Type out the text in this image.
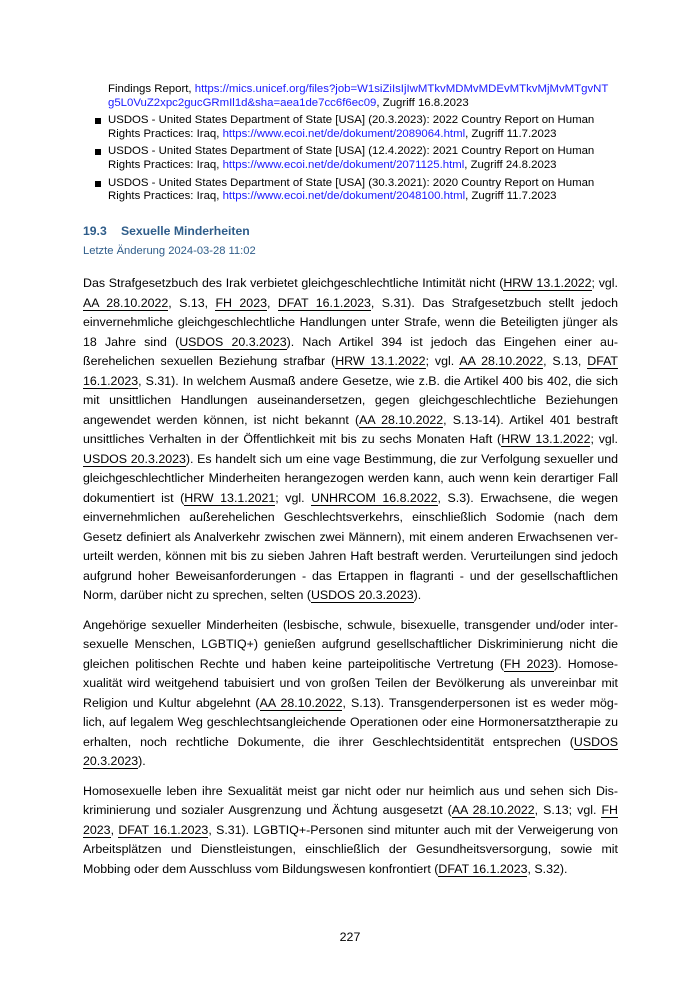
Findings Report, https://mics.unicef.org/files?job=W1siZiIsIjIwMTkvMDMvMDEvMTkvMjMvMTgvNT
g5L0VuZ2xpc2gucGRmIl1d&sha=aea1de7cc6f6ec09, Zugriff 16.8.2023
USDOS - United States Department of State [USA] (20.3.2023): 2022 Country Report on Human Rights Practices: Iraq, https://www.ecoi.net/de/dokument/2089064.html, Zugriff 11.7.2023
USDOS - United States Department of State [USA] (12.4.2022): 2021 Country Report on Human Rights Practices: Iraq, https://www.ecoi.net/de/dokument/2071125.html, Zugriff 24.8.2023
USDOS - United States Department of State [USA] (30.3.2021): 2020 Country Report on Human Rights Practices: Iraq, https://www.ecoi.net/de/dokument/2048100.html, Zugriff 11.7.2023
19.3 Sexuelle Minderheiten
Letzte Änderung 2024-03-28 11:02

Das Strafgesetzbuch des Irak verbietet gleichgeschlechtliche Intimität nicht (HRW 13.1.2022; vgl. AA 28.10.2022, S.13, FH 2023, DFAT 16.1.2023, S.31). Das Strafgesetzbuch stellt jedoch einvernehmliche gleichgeschlechtliche Handlungen unter Strafe, wenn die Beteiligten jünger als 18 Jahre sind (USDOS 20.3.2023). Nach Artikel 394 ist jedoch das Eingehen einer außerehelichen sexuellen Beziehung strafbar (HRW 13.1.2022; vgl. AA 28.10.2022, S.13, DFAT 16.1.2023, S.31). In welchem Ausmaß andere Gesetze, wie z.B. die Artikel 400 bis 402, die sich mit unsittlichen Handlungen auseinandersetzen, gegen gleichgeschlechtliche Beziehungen angewendet werden können, ist nicht bekannt (AA 28.10.2022, S.13-14). Artikel 401 bestraft unsittliches Verhalten in der Öffentlichkeit mit bis zu sechs Monaten Haft (HRW 13.1.2022; vgl. USDOS 20.3.2023). Es handelt sich um eine vage Bestimmung, die zur Verfolgung sexueller und gleichgeschlechtlicher Minderheiten herangezogen werden kann, auch wenn kein derartiger Fall dokumentiert ist (HRW 13.1.2021; vgl. UNHRCOM 16.8.2022, S.3). Erwachsene, die wegen einvernehmlichen außerehelichen Geschlechtsverkehrs, einschließlich Sodomie (nach dem Gesetz definiert als Analverkehr zwischen zwei Männern), mit einem anderen Erwachsenen verurteilt werden, können mit bis zu sieben Jahren Haft bestraft werden. Verurteilungen sind jedoch aufgrund hoher Beweisanforderungen - das Ertappen in flagranti - und der gesellschaftlichen Norm, darüber nicht zu sprechen, selten (USDOS 20.3.2023).

Angehörige sexueller Minderheiten (lesbische, schwule, bisexuelle, transgender und/oder intersexuelle Menschen, LGBTIQ+) genießen aufgrund gesellschaftlicher Diskriminierung nicht die gleichen politischen Rechte und haben keine parteipolitische Vertretung (FH 2023). Homosexualität wird weitgehend tabuisiert und von großen Teilen der Bevölkerung als unvereinbar mit Religion und Kultur abgelehnt (AA 28.10.2022, S.13). Transgenderpersonen ist es weder möglich, auf legalem Weg geschlechtsangleichende Operationen oder eine Hormonersatztherapie zu erhalten, noch rechtliche Dokumente, die ihrer Geschlechtsidentität entsprechen (USDOS 20.3.2023).

Homosexuelle leben ihre Sexualität meist gar nicht oder nur heimlich aus und sehen sich Diskriminierung und sozialer Ausgrenzung und Ächtung ausgesetzt (AA 28.10.2022, S.13; vgl. FH 2023, DFAT 16.1.2023, S.31). LGBTIQ+-Personen sind mitunter auch mit der Verweigerung von Arbeitsplätzen und Dienstleistungen, einschließlich der Gesundheitsversorgung, sowie mit Mobbing oder dem Ausschluss vom Bildungswesen konfrontiert (DFAT 16.1.2023, S.32).

227
